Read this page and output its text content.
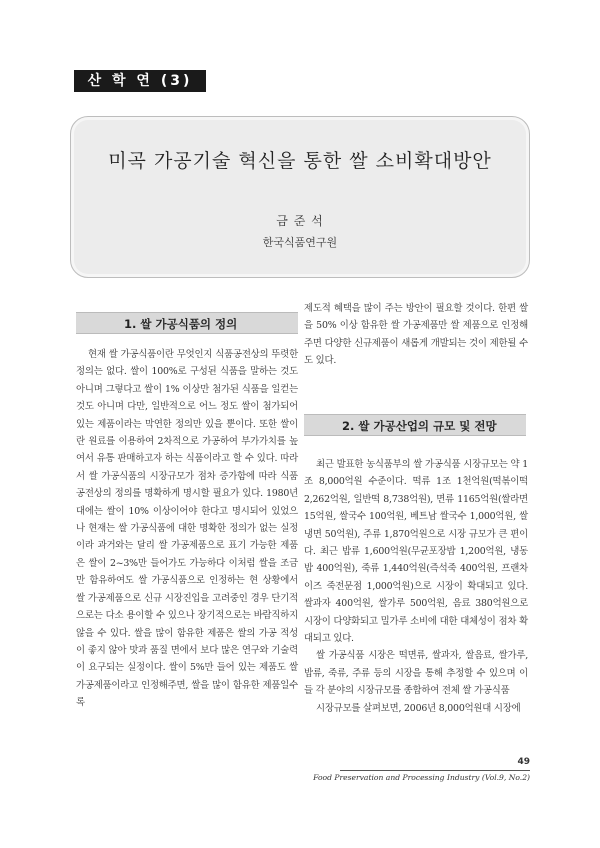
산 학 연 (3)
미곡 가공기술 혁신을 통한 쌀 소비확대방안
금 준 석
한국식품연구원
1. 쌀 가공식품의 정의

현재 쌀 가공식품이란 무엇인지 식품공전상의 뚜렷한 정의는 없다. 쌀이 100%로 구성된 식품을 말하는 것도 아니며 그렇다고 쌀이 1% 이상만 첨가된 식품을 일컫는 것도 아니며 다만, 일반적으로 어느 정도 쌀이 첨가되어 있는 제품이라는 막연한 정의만 있을 뿐이다. 또한 쌀이란 원료를 이용하여 2차적으로 가공하여 부가가치를 높여서 유통 판매하고자 하는 식품이라고 할 수 있다. 따라서 쌀 가공식품의 시장규모가 점차 증가함에 따라 식품공전상의 정의를 명확하게 명시할 필요가 있다. 1980년대에는 쌀이 10% 이상이어야 한다고 명시되어 있었으나 현재는 쌀 가공식품에 대한 명확한 정의가 없는 실정이라 과거와는 달리 쌀 가공제품으로 표기 가능한 제품은 쌀이 2~3%만 들어가도 가능하다 이처럼 쌀을 조금만 함유하여도 쌀 가공식품으로 인정하는 현 상황에서 쌀 가공제품으로 신규 시장진입을 고려중인 경우 단기적으로는 다소 용이할 수 있으나 장기적으로는 바람직하지 않을 수 있다. 쌀을 많이 함유한 제품은 쌀의 가공 적성이 좋지 않아 맛과 품질 면에서 보다 많은 연구와 기술력이 요구되는 실정이다. 쌀이 5%만 들어 있는 제품도 쌀 가공제품이라고 인정해주면, 쌀을 많이 함유한 제품일수록

제도적 혜택을 많이 주는 방안이 필요할 것이다. 한편 쌀을 50% 이상 함유한 쌀 가공제품만 쌀 제품으로 인정해주면 다양한 신규제품이 새롭게 개발되는 것이 제한될 수도 있다.

2. 쌀 가공산업의 규모 및 전망

최근 발표한 농식품부의 쌀 가공식품 시장규모는 약 1조 8,000억원 수준이다. 떡류 1조 1천억원(떡볶이떡 2,262억원, 일반떡 8,738억원), 면류 1165억원(쌀라면 15억원, 쌀국수 100억원, 베트남 쌀국수 1,000억원, 쌀냉면 50억원), 주류 1,870억원으로 시장 규모가 큰 편이다. 최근 밥류 1,600억원(무균포장밥 1,200억원, 냉동밥 400억원), 죽류 1,440억원(즉석죽 400억원, 프랜차이즈 죽전문점 1,000억원)으로 시장이 확대되고 있다. 쌀과자 400억원, 쌀가루 500억원, 음료 380억원으로 시장이 다양화되고 밀가루 소비에 대한 대체성이 점차 확대되고 있다.

쌀 가공식품 시장은 떡면류, 쌀과자, 쌀음료, 쌀가루, 밥류, 죽류, 주류 등의 시장을 통해 추정할 수 있으며 이들 각 분야의 시장규모를 종합하여 전체 쌀 가공식품

시장규모를 살펴보면, 2006년 8,000억원대 시장에

49
Food Preservation and Processing Industry (Vol.9, No.2)
